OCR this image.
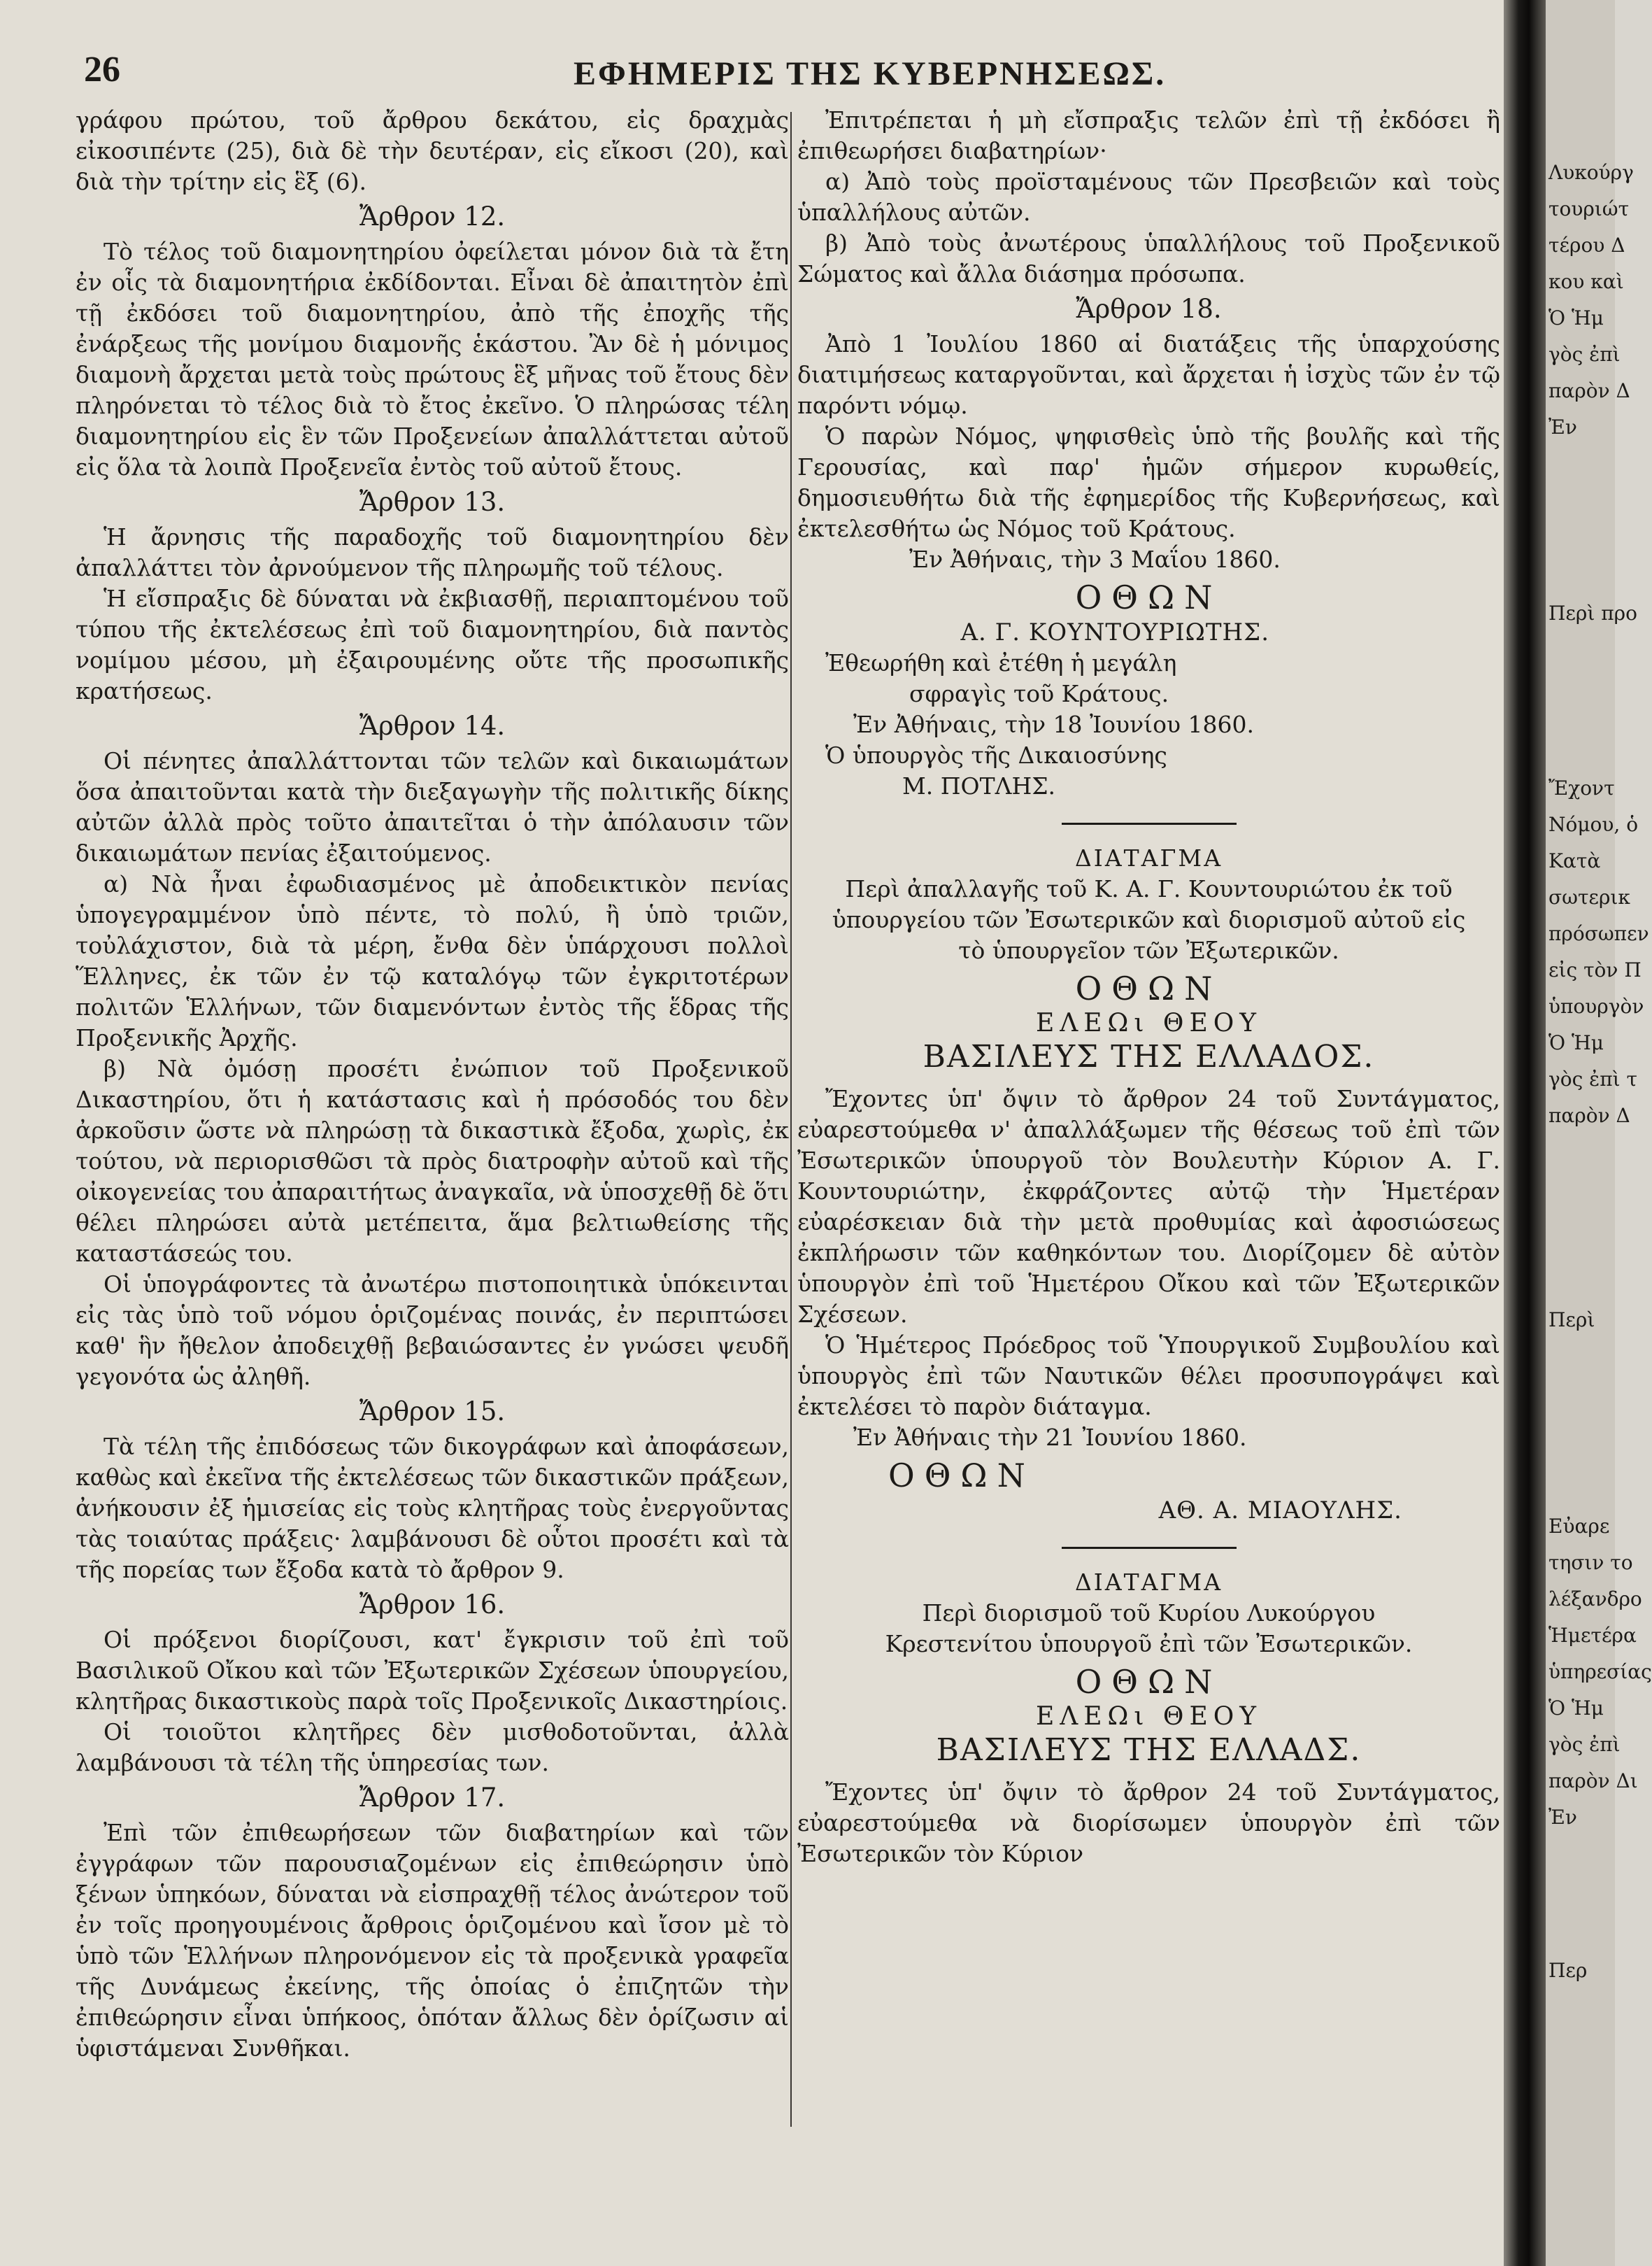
26	ΕΦΗΜΕΡΙΣ ΤΗΣ ΚΥΒΕΡΝΗΣΕΩΣ.

γράφου πρώτου, τοῦ ἄρθρου δεκάτου, εἰς δραχμὰς εἰκοσιπέντε (25), διὰ δὲ τὴν δευτέραν, εἰς εἴκοσι (20), καὶ διὰ τὴν τρίτην εἰς ἓξ (6).

Ἄρθρον 12.

Τὸ τέλος τοῦ διαμονητηρίου ὀφείλεται μόνον διὰ τὰ ἔτη ἐν οἷς τὰ διαμονητήρια ἐκδίδονται. Εἶναι δὲ ἀπαιτητὸν ἐπὶ τῇ ἐκδόσει τοῦ διαμονητηρίου, ἀπὸ τῆς ἐποχῆς τῆς ἐνάρξεως τῆς μονίμου διαμονῆς ἑκάστου. Ἂν δὲ ἡ μόνιμος διαμονὴ ἄρχεται μετὰ τοὺς πρώτους ἓξ μῆνας τοῦ ἔτους δὲν πληρόνεται τὸ τέλος διὰ τὸ ἔτος ἐκεῖνο. Ὁ πληρώσας τέλη διαμονητηρίου εἰς ἓν τῶν Προξενείων ἀπαλλάττεται αὐτοῦ εἰς ὅλα τὰ λοιπὰ Προξενεῖα ἐντὸς τοῦ αὐτοῦ ἔτους.

Ἄρθρον 13.

Ἡ ἄρνησις τῆς παραδοχῆς τοῦ διαμονητηρίου δὲν ἀπαλλάττει τὸν ἀρνούμενον τῆς πληρωμῆς τοῦ τέλους.

Ἡ εἴσπραξις δὲ δύναται νὰ ἐκβιασθῇ, περιαπτομένου τοῦ τύπου τῆς ἐκτελέσεως ἐπὶ τοῦ διαμονητηρίου, διὰ παντὸς νομίμου μέσου, μὴ ἐξαιρουμένης οὔτε τῆς προσωπικῆς κρατήσεως.

Ἄρθρον 14.

Οἱ πένητες ἀπαλλάττονται τῶν τελῶν καὶ δικαιωμάτων ὅσα ἀπαιτοῦνται κατὰ τὴν διεξαγωγὴν τῆς πολιτικῆς δίκης αὐτῶν ἀλλὰ πρὸς τοῦτο ἀπαιτεῖται ὁ τὴν ἀπόλαυσιν τῶν δικαιωμάτων πενίας ἐξαιτούμενος.

α) Νὰ ἦναι ἐφωδιασμένος μὲ ἀποδεικτικὸν πενίας ὑπογεγραμμένον ὑπὸ πέντε, τὸ πολύ, ἢ ὑπὸ τριῶν, τοὐλάχιστον, διὰ τὰ μέρη, ἔνθα δὲν ὑπάρχουσι πολλοὶ Ἕλληνες, ἐκ τῶν ἐν τῷ καταλόγῳ τῶν ἐγκριτοτέρων πολιτῶν Ἑλλήνων, τῶν διαμενόντων ἐντὸς τῆς ἕδρας τῆς Προξενικῆς Ἀρχῆς.

β) Νὰ ὀμόσῃ προσέτι ἐνώπιον τοῦ Προξενικοῦ Δικαστηρίου, ὅτι ἡ κατάστασις καὶ ἡ πρόσοδός του δὲν ἀρκοῦσιν ὥστε νὰ πληρώσῃ τὰ δικαστικὰ ἔξοδα, χωρὶς, ἐκ τούτου, νὰ περιορισθῶσι τὰ πρὸς διατροφὴν αὐτοῦ καὶ τῆς οἰκογενείας του ἀπαραιτήτως ἀναγκαῖα, νὰ ὑποσχεθῇ δὲ ὅτι θέλει πληρώσει αὐτὰ μετέπειτα, ἅμα βελτιωθείσης τῆς καταστάσεώς του.

Οἱ ὑπογράφοντες τὰ ἀνωτέρω πιστοποιητικὰ ὑπόκεινται εἰς τὰς ὑπὸ τοῦ νόμου ὁριζομένας ποινάς, ἐν περιπτώσει καθ' ἣν ἤθελον ἀποδειχθῇ βεβαιώσαντες ἐν γνώσει ψευδῆ γεγονότα ὡς ἀληθῆ.

Ἄρθρον 15.

Τὰ τέλη τῆς ἐπιδόσεως τῶν δικογράφων καὶ ἀποφάσεων, καθὼς καὶ ἐκεῖνα τῆς ἐκτελέσεως τῶν δικαστικῶν πράξεων, ἀνήκουσιν ἐξ ἡμισείας εἰς τοὺς κλητῆρας τοὺς ἐνεργοῦντας τὰς τοιαύτας πράξεις· λαμβάνουσι δὲ οὗτοι προσέτι καὶ τὰ τῆς πορείας των ἔξοδα κατὰ τὸ ἄρθρον 9.

Ἄρθρον 16.

Οἱ πρόξενοι διορίζουσι, κατ' ἔγκρισιν τοῦ ἐπὶ τοῦ Βασιλικοῦ Οἴκου καὶ τῶν Ἐξωτερικῶν Σχέσεων ὑπουργείου, κλητῆρας δικαστικοὺς παρὰ τοῖς Προξενικοῖς Δικαστηρίοις.

Οἱ τοιοῦτοι κλητῆρες δὲν μισθοδοτοῦνται, ἀλλὰ λαμβάνουσι τὰ τέλη τῆς ὑπηρεσίας των.

Ἄρθρον 17.

Ἐπὶ τῶν ἐπιθεωρήσεων τῶν διαβατηρίων καὶ τῶν ἐγγράφων τῶν παρουσιαζομένων εἰς ἐπιθεώρησιν ὑπὸ ξένων ὑπηκόων, δύναται νὰ εἰσπραχθῇ τέλος ἀνώτερον τοῦ ἐν τοῖς προηγουμένοις ἄρθροις ὁριζομένου καὶ ἴσον μὲ τὸ ὑπὸ τῶν Ἑλλήνων πληρονόμενον εἰς τὰ προξενικὰ γραφεῖα τῆς Δυνάμεως ἐκείνης, τῆς ὁποίας ὁ ἐπιζητῶν τὴν ἐπιθεώρησιν εἶναι ὑπήκοος, ὁπόταν ἄλλως δὲν ὁρίζωσιν αἱ ὑφιστάμεναι Συνθῆκαι.

Ἐπιτρέπεται ἡ μὴ εἴσπραξις τελῶν ἐπὶ τῇ ἐκδόσει ἢ ἐπιθεωρήσει διαβατηρίων·

α) Ἀπὸ τοὺς προϊσταμένους τῶν Πρεσβειῶν καὶ τοὺς ὑπαλλήλους αὐτῶν.

β) Ἀπὸ τοὺς ἀνωτέρους ὑπαλλήλους τοῦ Προξενικοῦ Σώματος καὶ ἄλλα διάσημα πρόσωπα.

Ἄρθρον 18.

Ἀπὸ 1 Ἰουλίου 1860 αἱ διατάξεις τῆς ὑπαρχούσης διατιμήσεως καταργοῦνται, καὶ ἄρχεται ἡ ἰσχὺς τῶν ἐν τῷ παρόντι νόμῳ.

Ὁ παρὼν Νόμος, ψηφισθεὶς ὑπὸ τῆς βουλῆς καὶ τῆς Γερουσίας, καὶ παρ' ἡμῶν σήμερον κυρωθείς, δημοσιευθήτω διὰ τῆς ἐφημερίδος τῆς Κυβερνήσεως, καὶ ἐκτελεσθήτω ὡς Νόμος τοῦ Κράτους.

Ἐν Ἀθήναις, τὴν 3 Μαΐου 1860.

ΟΘΩΝ
Α. Γ. ΚΟΥΝΤΟΥΡΙΩΤΗΣ.

Ἐθεωρήθη καὶ ἐτέθη ἡ μεγάλη

σφραγὶς τοῦ Κράτους.

Ἐν Ἀθήναις, τὴν 18 Ἰουνίου 1860.

Ὁ ὑπουργὸς τῆς Δικαιοσύνης

Μ. ΠΟΤΛΗΣ.

ΔΙΑΤΑΓΜΑ
Περὶ ἀπαλλαγῆς τοῦ Κ. Α. Γ. Κουντουριώτου ἐκ τοῦ ὑπουργείου τῶν Ἐσωτερικῶν καὶ διορισμοῦ αὐτοῦ εἰς τὸ ὑπουργεῖον τῶν Ἐξωτερικῶν.
ΟΘΩΝ
ΕΛΕΩι ΘΕΟΥ
ΒΑΣΙΛΕΥΣ ΤΗΣ ΕΛΛΑΔΟΣ.

Ἔχοντες ὑπ' ὄψιν τὸ ἄρθρον 24 τοῦ Συντάγματος, εὐαρεστούμεθα ν' ἀπαλλάξωμεν τῆς θέσεως τοῦ ἐπὶ τῶν Ἐσωτερικῶν ὑπουργοῦ τὸν Βουλευτὴν Κύριον Α. Γ. Κουντουριώτην, ἐκφράζοντες αὐτῷ τὴν Ἡμετέραν εὐαρέσκειαν διὰ τὴν μετὰ προθυμίας καὶ ἀφοσιώσεως ἐκπλήρωσιν τῶν καθηκόντων του. Διορίζομεν δὲ αὐτὸν ὑπουργὸν ἐπὶ τοῦ Ἡμετέρου Οἴκου καὶ τῶν Ἐξωτερικῶν Σχέσεων.

Ὁ Ἡμέτερος Πρόεδρος τοῦ Ὑπουργικοῦ Συμβουλίου καὶ ὑπουργὸς ἐπὶ τῶν Ναυτικῶν θέλει προσυπογράψει καὶ ἐκτελέσει τὸ παρὸν διάταγμα.

Ἐν Ἀθήναις τὴν 21 Ἰουνίου 1860.

ΟΘΩΝ
ΑΘ. Α. ΜΙΑΟΥΛΗΣ.
ΔΙΑΤΑΓΜΑ
Περὶ διορισμοῦ τοῦ Κυρίου Λυκούργου Κρεστενίτου ὑπουργοῦ ἐπὶ τῶν Ἐσωτερικῶν.
ΟΘΩΝ
ΕΛΕΩι ΘΕΟΥ
ΒΑΣΙΛΕΥΣ ΤΗΣ ΕΛΛΑΔΣ.

Ἔχοντες ὑπ' ὄψιν τὸ ἄρθρον 24 τοῦ Συντάγματος, εὐαρεστούμεθα νὰ διορίσωμεν ὑπουργὸν ἐπὶ τῶν Ἐσωτερικῶν τὸν Κύριον

Λυκούργ
τουριώτ
τέρου Δ
κου καὶ
Ὁ Ἡμ
γὸς ἐπὶ
παρὸν Δ
Ἐν
Περὶ προ
Ἔχοντ
Νόμου, ὁ
Κατὰ
σωτερικ
πρόσωπεν
εἰς τὸν Π
ὑπουργὸν
Ὁ Ἡμ
γὸς ἐπὶ τ
παρὸν Δ
Περὶ
Εὐαρε
τησιν το
λέξανδρο
Ἡμετέρα
ὑπηρεσίας
Ὁ Ἡμ
γὸς ἐπὶ
παρὸν Δι
Ἐν
Περ
